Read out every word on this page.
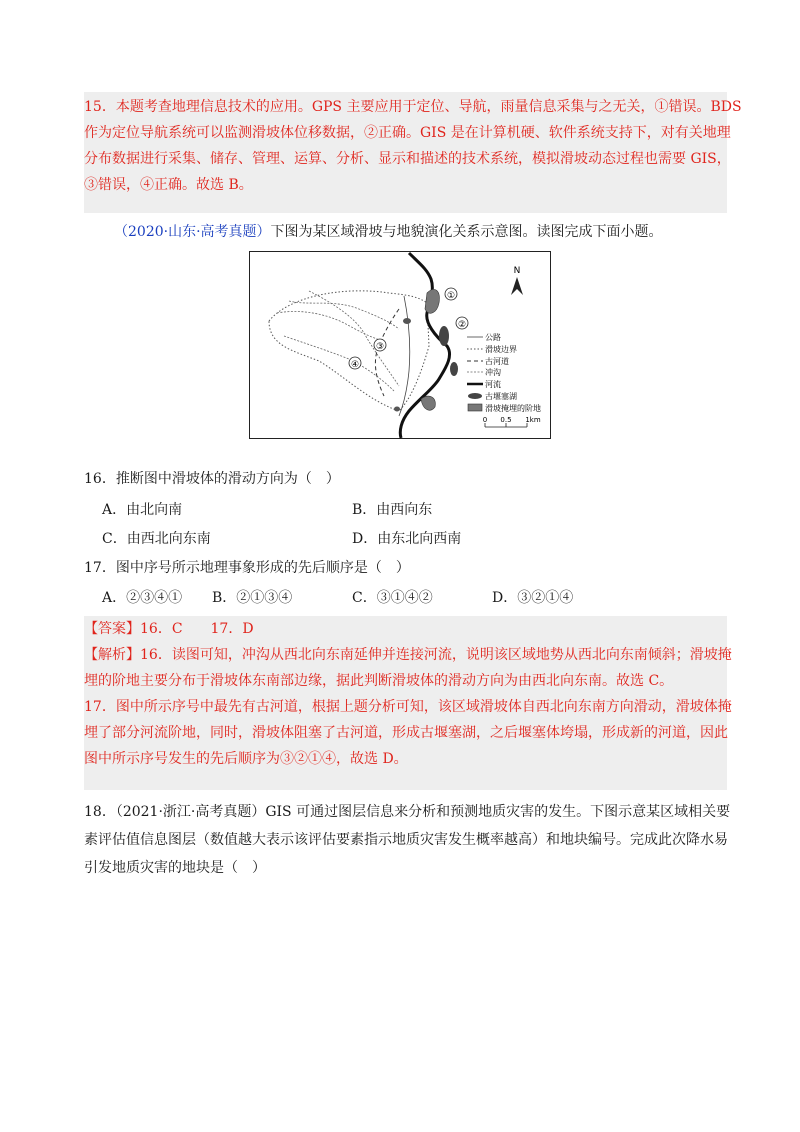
15．本题考查地理信息技术的应用。GPS 主要应用于定位、导航，雨量信息采集与之无关，①错误。BDS
作为定位导航系统可以监测滑坡体位移数据，②正确。GIS 是在计算机硬、软件系统支持下，对有关地理
分布数据进行采集、储存、管理、运算、分析、显示和描述的技术系统，模拟滑坡动态过程也需要 GIS，
③错误，④正确。故选 B。
（2020·山东·高考真题）下图为某区域滑坡与地貌演化关系示意图。读图完成下面小题。
①
②
③
④
N
公路
滑坡边界
古河道
冲沟
河流
古堰塞湖
滑坡掩埋的阶地
0 0.5 1km
16．推断图中滑坡体的滑动方向为（　）
A．由北向南	B．由西向东
C．由西北向东南	D．由东北向西南
17．图中序号所示地理事象形成的先后顺序是（　）
A．②③④① B．②①③④	C．③①④②	D．③②①④
【答案】16．C　　17．D
【解析】16．读图可知，冲沟从西北向东南延伸并连接河流，说明该区域地势从西北向东南倾斜；滑坡掩
埋的阶地主要分布于滑坡体东南部边缘，据此判断滑坡体的滑动方向为由西北向东南。故选 C。
17．图中所示序号中最先有古河道，根据上题分析可知，该区域滑坡体自西北向东南方向滑动，滑坡体掩
埋了部分河流阶地，同时，滑坡体阻塞了古河道，形成古堰塞湖，之后堰塞体垮塌，形成新的河道，因此
图中所示序号发生的先后顺序为③②①④，故选 D。
18．（2021·浙江·高考真题）GIS 可通过图层信息来分析和预测地质灾害的发生。下图示意某区域相关要
素评估值信息图层（数值越大表示该评估要素指示地质灾害发生概率越高）和地块编号。完成此次降水易
引发地质灾害的地块是（　）
